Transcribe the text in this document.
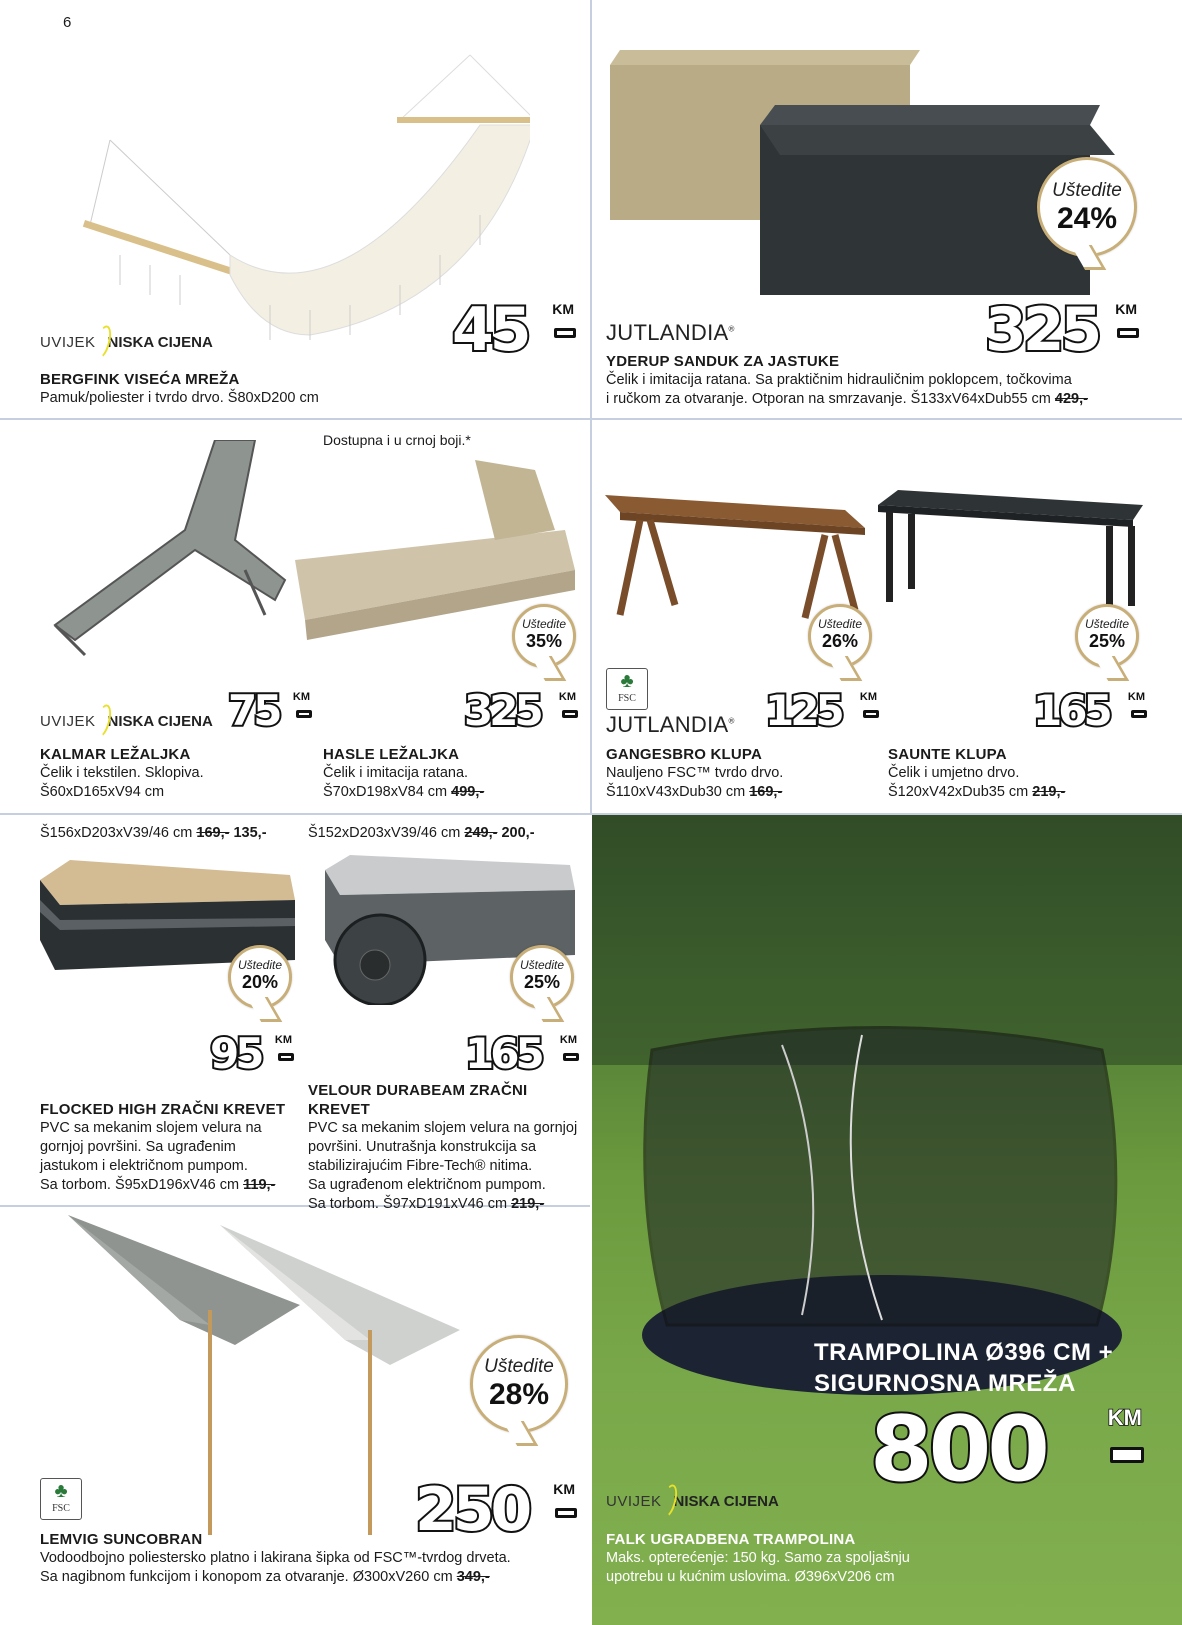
6
UVIJEK NISKA CIJENA	45 KM
BERGFINK VISEĆA MREŽA
Pamuk/poliester i tvrdo drvo. Š80xD200 cm
Uštedite
24%
JUTLANDIA®	325 KM
YDERUP SANDUK ZA JASTUKE
Čelik i imitacija ratana. Sa praktičnim hidrauličnim poklopcem, točkovima
i ručkom za otvaranje. Otporan na smrzavanje. Š133xV64xDub55 cm 429,-
Dostupna i u crnoj boji.*
UVIJEK NISKA CIJENA 75 KM
KALMAR LEŽALJKA
Čelik i tekstilen. Sklopiva.
Š60xD165xV94 cm
Uštedite
35%
325 KM
HASLE LEŽALJKA
Čelik i imitacija ratana.
Š70xD198xV84 cm 499,-
Uštedite
26%
♣
FSC
JUTLANDIA® 125 KM
GANGESBRO KLUPA
Nauljeno FSC™ tvrdo drvo.
Š110xV43xDub30 cm 169,-
Uštedite
25%
165 KM
SAUNTE KLUPA
Čelik i umjetno drvo.
Š120xV42xDub35 cm 219,-
Š156xD203xV39/46 cm 169,- 135,-
Uštedite
20%
95 KM
FLOCKED HIGH ZRAČNI KREVET
PVC sa mekanim slojem velura na
gornjoj površini. Sa ugrađenim
jastukom i električnom pumpom.
Sa torbom. Š95xD196xV46 cm 119,-
Š152xD203xV39/46 cm 249,- 200,-
Uštedite
25%
165 KM
VELOUR DURABEAM ZRAČNI KREVET
PVC sa mekanim slojem velura na gornjoj
površini. Unutrašnja konstrukcija sa
stabilizirajućim Fibre-Tech® nitima.
Sa ugrađenom električnom pumpom.
Sa torbom. Š97xD191xV46 cm 219,-
Uštedite
28%
♣
FSC	250 KM
LEMVIG SUNCOBRAN
Vodoodbojno poliestersko platno i lakirana šipka od FSC™-tvrdog drveta.
Sa nagibnom funkcijom i konopom za otvaranje. Ø300xV260 cm 349,-
TRAMPOLINA Ø396 CM +
SIGURNOSNA MREŽA
800	KM
UVIJEK NISKA CIJENA
FALK UGRADBENA TRAMPOLINA
Maks. opterećenje: 150 kg. Samo za spoljašnju
upotrebu u kućnim uslovima. Ø396xV206 cm
